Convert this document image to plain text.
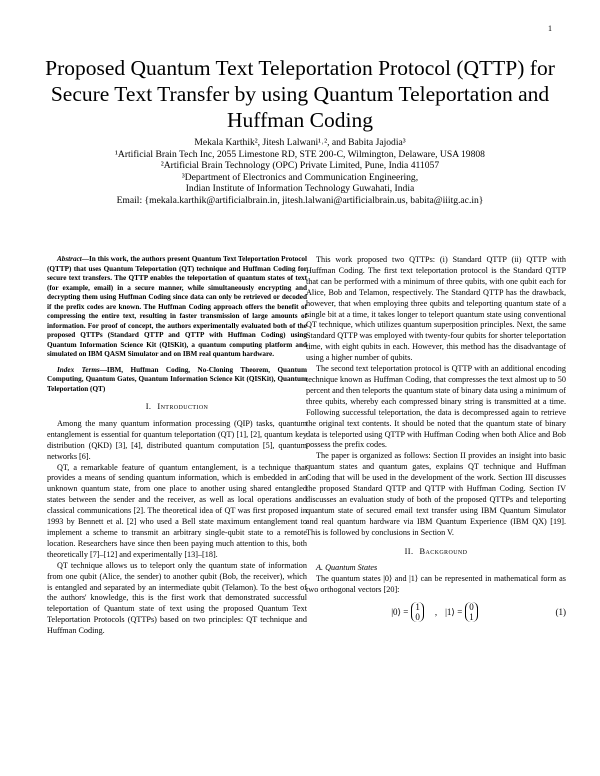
1
Proposed Quantum Text Teleportation Protocol (QTTP) for Secure Text Transfer by using Quantum Teleportation and Huffman Coding
Mekala Karthik², Jitesh Lalwani¹˒², and Babita Jajodia³
¹Artificial Brain Tech Inc, 2055 Limestone RD, STE 200-C, Wilmington, Delaware, USA 19808
²Artificial Brain Technology (OPC) Private Limited, Pune, India 411057
³Department of Electronics and Communication Engineering,
Indian Institute of Information Technology Guwahati, India
Email: {mekala.karthik@artificialbrain.in, jitesh.lalwani@artificialbrain.us, babita@iiitg.ac.in}

Abstract—In this work, the authors present Quantum Text Teleportation Protocol (QTTP) that uses Quantum Teleportation (QT) technique and Huffman Coding for secure text transfers. The QTTP enables the teleportation of quantum states of text (for example, email) in a secure manner, while simultaneously encrypting and decrypting them using Huffman Coding since data can only be retrieved or decoded if the prefix codes are known. The Huffman Coding approach offers the benefit of compressing the entire text, resulting in faster transmission of large amounts of information. For proof of concept, the authors experimentally evaluated both of the proposed QTTPs (Standard QTTP and QTTP with Huffman Coding) using Quantum Information Science Kit (QISKit), a quantum computing platform and simulated on IBM QASM Simulator and on IBM real quantum hardware.

Index Terms—IBM, Huffman Coding, No-Cloning Theorem, Quantum Computing, Quantum Gates, Quantum Information Science Kit (QISKit), Quantum Teleportation (QT)

I. Introduction

Among the many quantum information processing (QIP) tasks, quantum entanglement is essential for quantum teleportation (QT) [1], [2], quantum key distribution (QKD) [3], [4], distributed quantum computation [5], quantum networks [6].

QT, a remarkable feature of quantum entanglement, is a technique that provides a means of sending quantum information, which is embedded in an unknown quantum state, from one place to another using shared entangled states between the sender and the receiver, as well as local operations and classical communications [2]. The theoretical idea of QT was first proposed in 1993 by Bennett et al. [2] who used a Bell state maximum entanglement to implement a scheme to transmit an arbitrary single-qubit state to a remote location. Researchers have since then been paying much attention to this, both theoretically [7]–[12] and experimentally [13]–[18].

QT technique allows us to teleport only the quantum state of information from one qubit (Alice, the sender) to another qubit (Bob, the receiver), which is entangled and separated by an intermediate qubit (Telamon). To the best of the authors' knowledge, this is the first work that demonstrated successful teleportation of Quantum state of text using the proposed Quantum Text Teleportation Protocols (QTTPs) based on two principles: QT technique and Huffman Coding.

This work proposed two QTTPs: (i) Standard QTTP (ii) QTTP with Huffman Coding. The first text teleportation protocol is the Standard QTTP that can be performed with a minimum of three qubits, with one qubit each for Alice, Bob and Telamon, respectively. The Standard QTTP has the drawback, however, that when employing three qubits and teleporting quantum state of a single bit at a time, it takes longer to teleport quantum state using conventional QT technique, which utilizes quantum superposition principles. Next, the same Standard QTTP was employed with twenty-four qubits for shorter teleportation time, with eight qubits in each. However, this method has the disadvantage of using a higher number of qubits.

The second text teleportation protocol is QTTP with an additional encoding technique known as Huffman Coding, that compresses the text almost up to 50 percent and then teleports the quantum state of binary data using a minimum of three qubits, whereby each compressed binary string is transmitted at a time. Following successful teleportation, the data is decompressed again to retrieve the original text contents. It should be noted that the quantum state of binary data is teleported using QTTP with Huffman Coding when both Alice and Bob possess the prefix codes.

The paper is organized as follows: Section II provides an insight into basic quantum states and quantum gates, explains QT technique and Huffman Coding that will be used in the development of the work. Section III discusses the proposed Standard QTTP and QTTP with Huffman Coding. Section IV discusses an evaluation study of both of the proposed QTTPs and teleporting quantum state of secured email text transfer using IBM Quantum Simulator and real quantum hardware via IBM Quantum Experience (IBM QX) [19]. This is followed by conclusions in Section V.

II. Background

A. Quantum States

The quantum states |0⟩ and |1⟩ can be represented in mathematical form as two orthogonal vectors [20]:

|0⟩ = 1
0
, |1⟩ = 0
1
(1)
